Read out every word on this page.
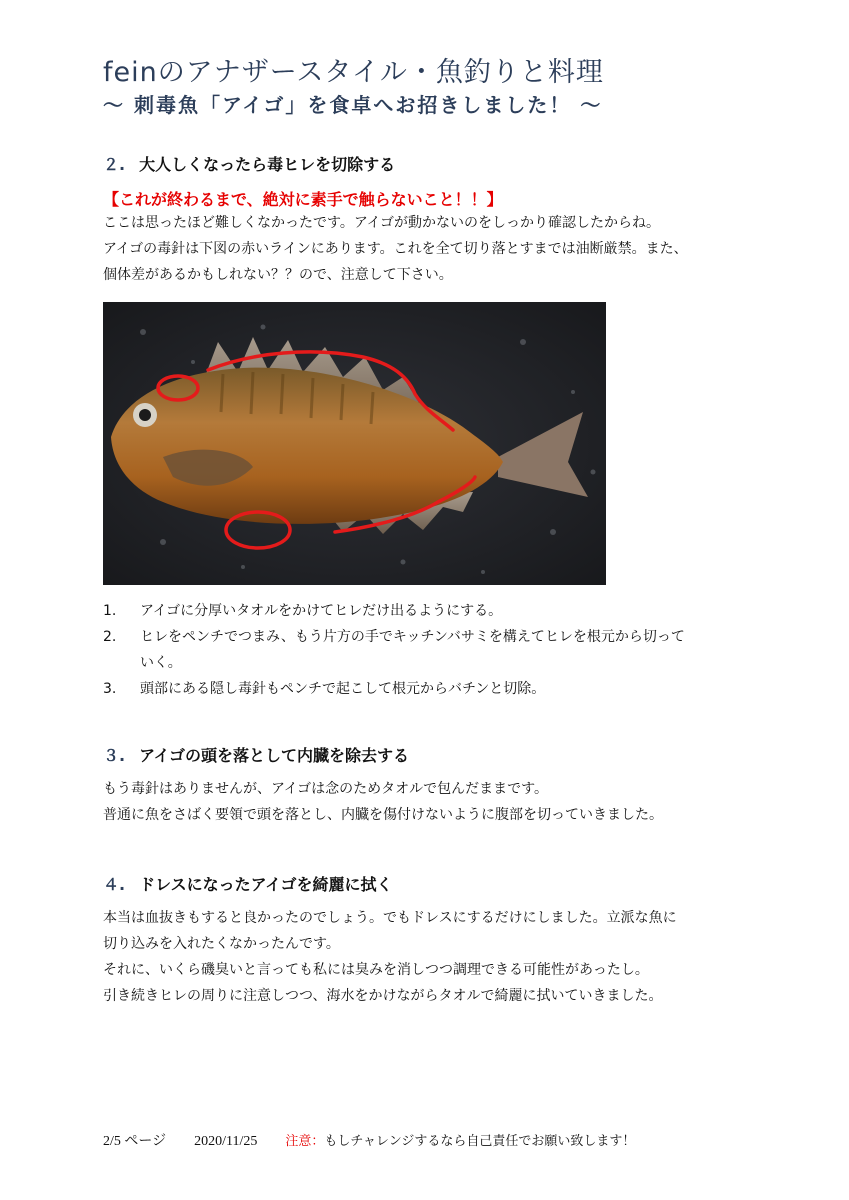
feinのアナザースタイル・魚釣りと料理
～ 刺毒魚「アイゴ」を食卓へお招きしました！ ～
２. 大人しくなったら毒ヒレを切除する

【これが終わるまで、絶対に素手で触らないこと！！】

ここは思ったほど難しくなかったです。アイゴが動かないのをしっかり確認したからね。

アイゴの毒針は下図の赤いラインにあります。これを全て切り落とすまでは油断厳禁。また、

個体差があるかもしれない？？ので、注意して下さい。

1. アイゴに分厚いタオルをかけてヒレだけ出るようにする。
2. ヒレをペンチでつまみ、もう片方の手でキッチンバサミを構えてヒレを根元から切って
いく。
3. 頭部にある隠し毒針もペンチで起こして根元からバチンと切除。
３. アイゴの頭を落として内臓を除去する

もう毒針はありませんが、アイゴは念のためタオルで包んだままです。

普通に魚をさばく要領で頭を落とし、内臓を傷付けないように腹部を切っていきました。

４. ドレスになったアイゴを綺麗に拭く

本当は血抜きもすると良かったのでしょう。でもドレスにするだけにしました。立派な魚に

切り込みを入れたくなかったんです。

それに、いくら磯臭いと言っても私には臭みを消しつつ調理できる可能性があったし。

引き続きヒレの周りに注意しつつ、海水をかけながらタオルで綺麗に拭いていきました。

2/5 ページ 2020/11/25 注意：もしチャレンジするなら自己責任でお願い致します！
